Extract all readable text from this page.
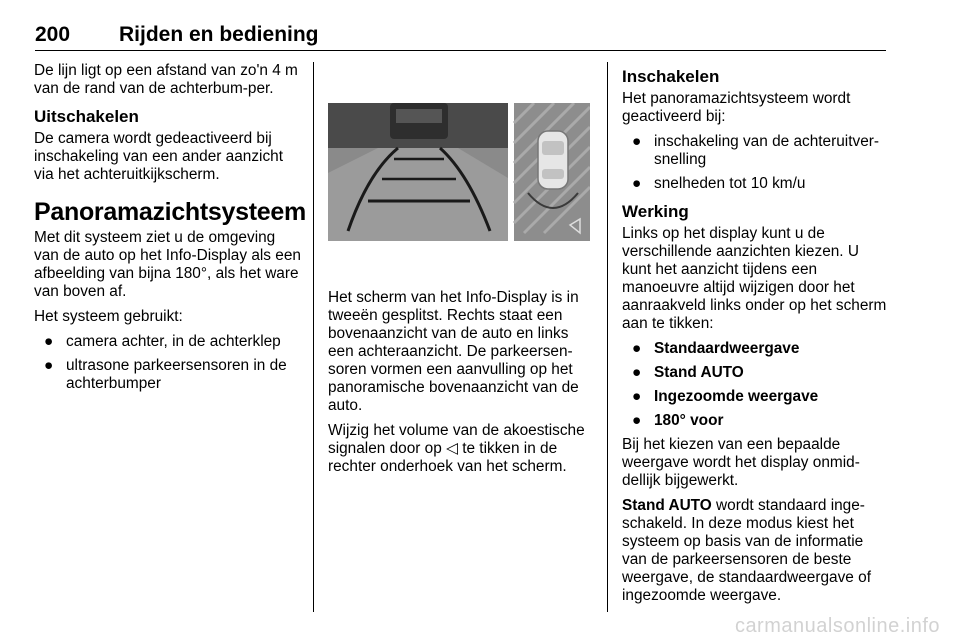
200 Rijden en bediening

De lijn ligt op een afstand van zo'n 4 m van de rand van de achterbum-per.

Uitschakelen

De camera wordt gedeactiveerd bij inschakeling van een ander aanzicht via het achteruitkijkscherm.

Panoramazichtsysteem

Met dit systeem ziet u de omgeving van de auto op het Info-Display als een afbeelding van bijna 180°, als het ware van boven af.

Het systeem gebruikt:

● camera achter, in de achterklep
● ultrasone parkeersensoren in de achterbumper

Het scherm van het Info-Display is in tweeën gesplitst. Rechts staat een bovenaanzicht van de auto en links een achteraanzicht. De parkeersen-soren vormen een aanvulling op het panoramische bovenaanzicht van de auto.

Wijzig het volume van de akoestische signalen door op ◁ te tikken in de rechter onderhoek van het scherm.

Inschakelen

Het panoramazichtsysteem wordt geactiveerd bij:

● inschakeling van de achteruitver-snelling
● snelheden tot 10 km/u
Werking

Links op het display kunt u de verschillende aanzichten kiezen. U kunt het aanzicht tijdens een manoeuvre altijd wijzigen door het aanraakveld links onder op het scherm aan te tikken:

● Standaardweergave
● Stand AUTO
● Ingezoomde weergave
● 180° voor

Bij het kiezen van een bepaalde weergave wordt het display onmid-dellijk bijgewerkt.

Stand AUTO wordt standaard inge-schakeld. In deze modus kiest het systeem op basis van de informatie van de parkeersensoren de beste weergave, de standaardweergave of ingezoomde weergave.

carmanualsonline.info
